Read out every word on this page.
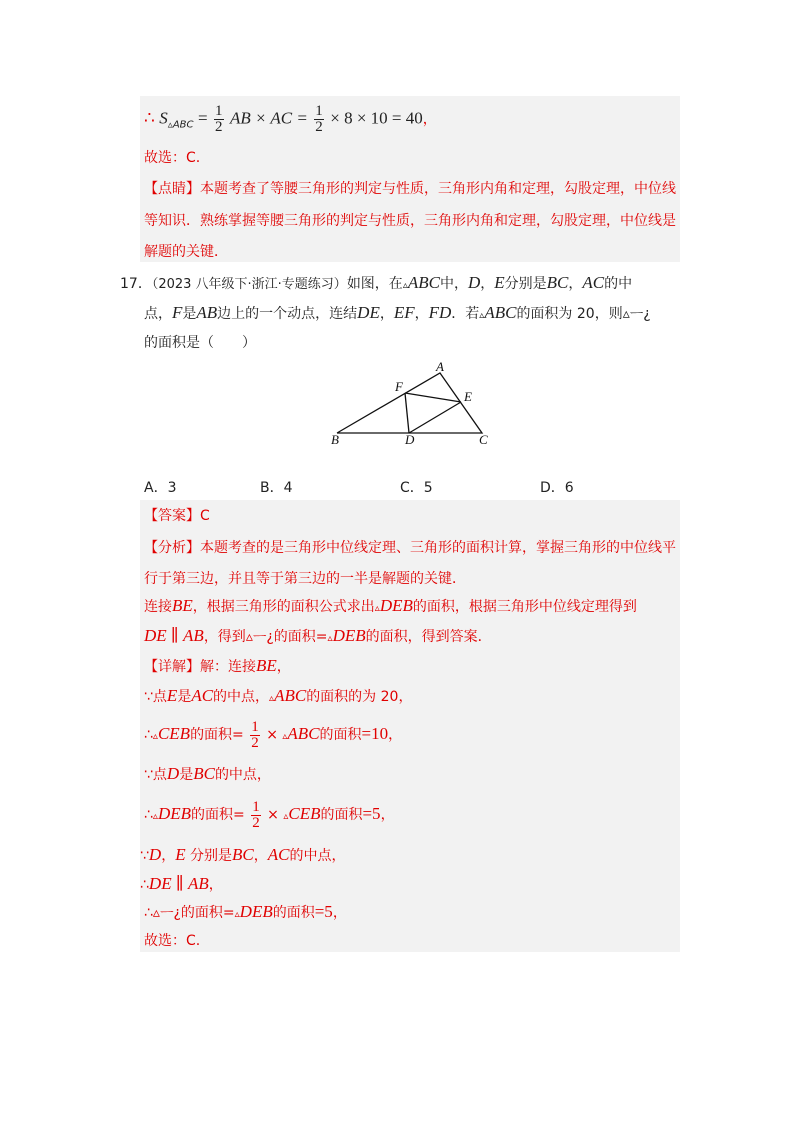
∴ $S_{▵ABC} = \frac{1}{2}$ AB × AC = $\frac{1}{2} \times 8 \times 10 = 40$，
故选：C.
【点睛】本题考查了等腰三角形的判定与性质，三角形内角和定理，勾股定理，中位线
等知识．熟练掌握等腰三角形的判定与性质，三角形内角和定理，勾股定理，中位线是
解题的关键．
17．（2023 八年级下·浙江·专题练习）如图，在▵ABC中，D，E分别是BC，AC的中
点，F是AB边上的一个动点，连结DE，EF，FD．若▵ABC的面积为 20，则▵ᅳ¿
的面积是（　　）
A
B	C
D
E
F
A．3	B．4	C．5	D．6
【答案】C
【分析】本题考查的是三角形中位线定理、三角形的面积计算，掌握三角形的中位线平
行于第三边，并且等于第三边的一半是解题的关键．
连接BE，根据三角形的面积公式求出▵DEB的面积，根据三角形中位线定理得到
DE ∥ AB，得到▵ᅳ¿的面积=▵DEB的面积，得到答案．
【详解】解：连接BE，
∵点E是AC的中点，▵ABC的面积的为 20，
∴▵CEB的面积= $\frac{1}{2}$ × ▵ABC的面积=10，
∵点D是BC的中点，
∴▵DEB的面积= $\frac{1}{2}$ × ▵CEB的面积=5，
∵D，E 分别是BC，AC的中点，
∴DE ∥ AB，
∴▵ᅳ¿的面积=▵DEB的面积=5，
故选：C.
